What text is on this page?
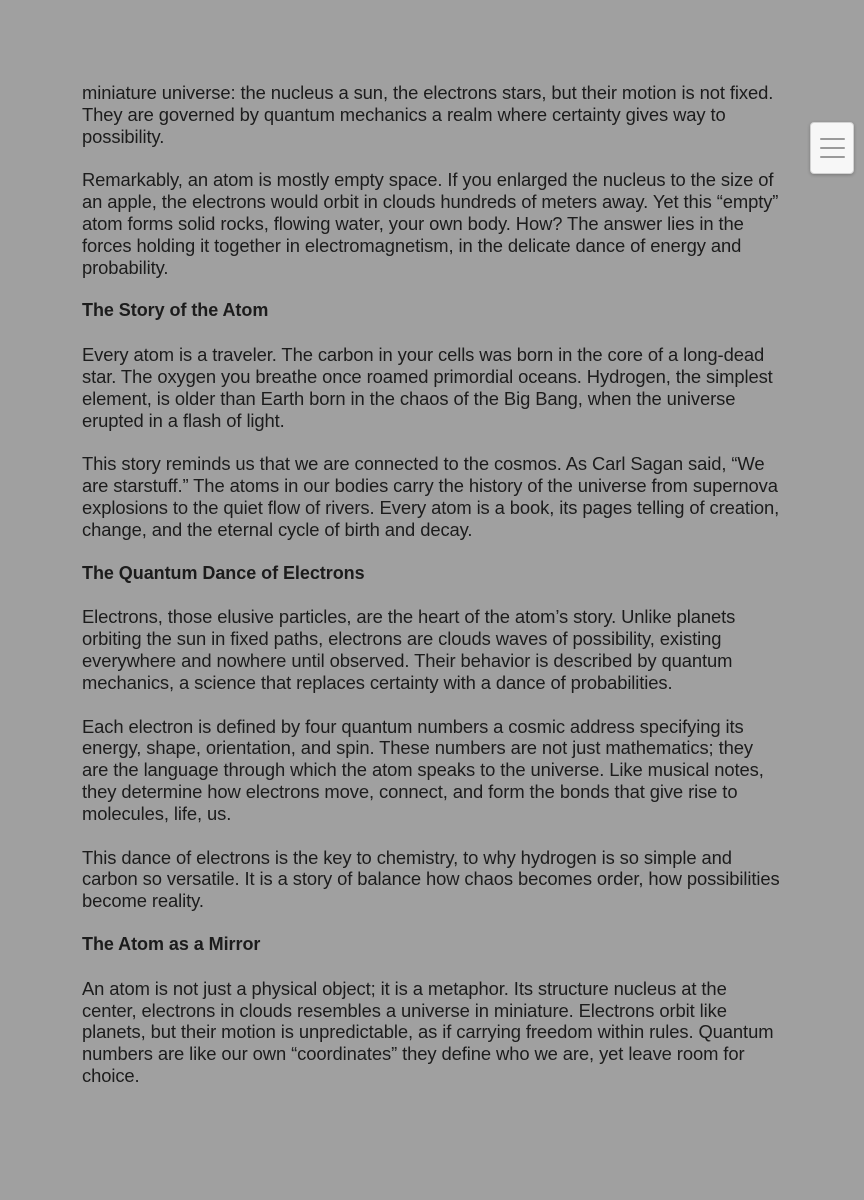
miniature universe: the nucleus a sun, the electrons stars, but their motion is not fixed. They are governed by quantum mechanics a realm where certainty gives way to possibility.

Remarkably, an atom is mostly empty space. If you enlarged the nucleus to the size of an apple, the electrons would orbit in clouds hundreds of meters away. Yet this “empty” atom forms solid rocks, flowing water, your own body. How? The answer lies in the forces holding it together in electromagnetism, in the delicate dance of energy and probability.

The Story of the Atom

Every atom is a traveler. The carbon in your cells was born in the core of a long-dead star. The oxygen you breathe once roamed primordial oceans. Hydrogen, the simplest element, is older than Earth born in the chaos of the Big Bang, when the universe erupted in a flash of light.

This story reminds us that we are connected to the cosmos. As Carl Sagan said, “We are starstuff.” The atoms in our bodies carry the history of the universe from supernova explosions to the quiet flow of rivers. Every atom is a book, its pages telling of creation, change, and the eternal cycle of birth and decay.

The Quantum Dance of Electrons

Electrons, those elusive particles, are the heart of the atom’s story. Unlike planets orbiting the sun in fixed paths, electrons are clouds waves of possibility, existing everywhere and nowhere until observed. Their behavior is described by quantum mechanics, a science that replaces certainty with a dance of probabilities.

Each electron is defined by four quantum numbers a cosmic address specifying its energy, shape, orientation, and spin. These numbers are not just mathematics; they are the language through which the atom speaks to the universe. Like musical notes, they determine how electrons move, connect, and form the bonds that give rise to molecules, life, us.

This dance of electrons is the key to chemistry, to why hydrogen is so simple and carbon so versatile. It is a story of balance how chaos becomes order, how possibilities become reality.

The Atom as a Mirror

An atom is not just a physical object; it is a metaphor. Its structure nucleus at the center, electrons in clouds resembles a universe in miniature. Electrons orbit like planets, but their motion is unpredictable, as if carrying freedom within rules. Quantum numbers are like our own “coordinates” they define who we are, yet leave room for choice.
